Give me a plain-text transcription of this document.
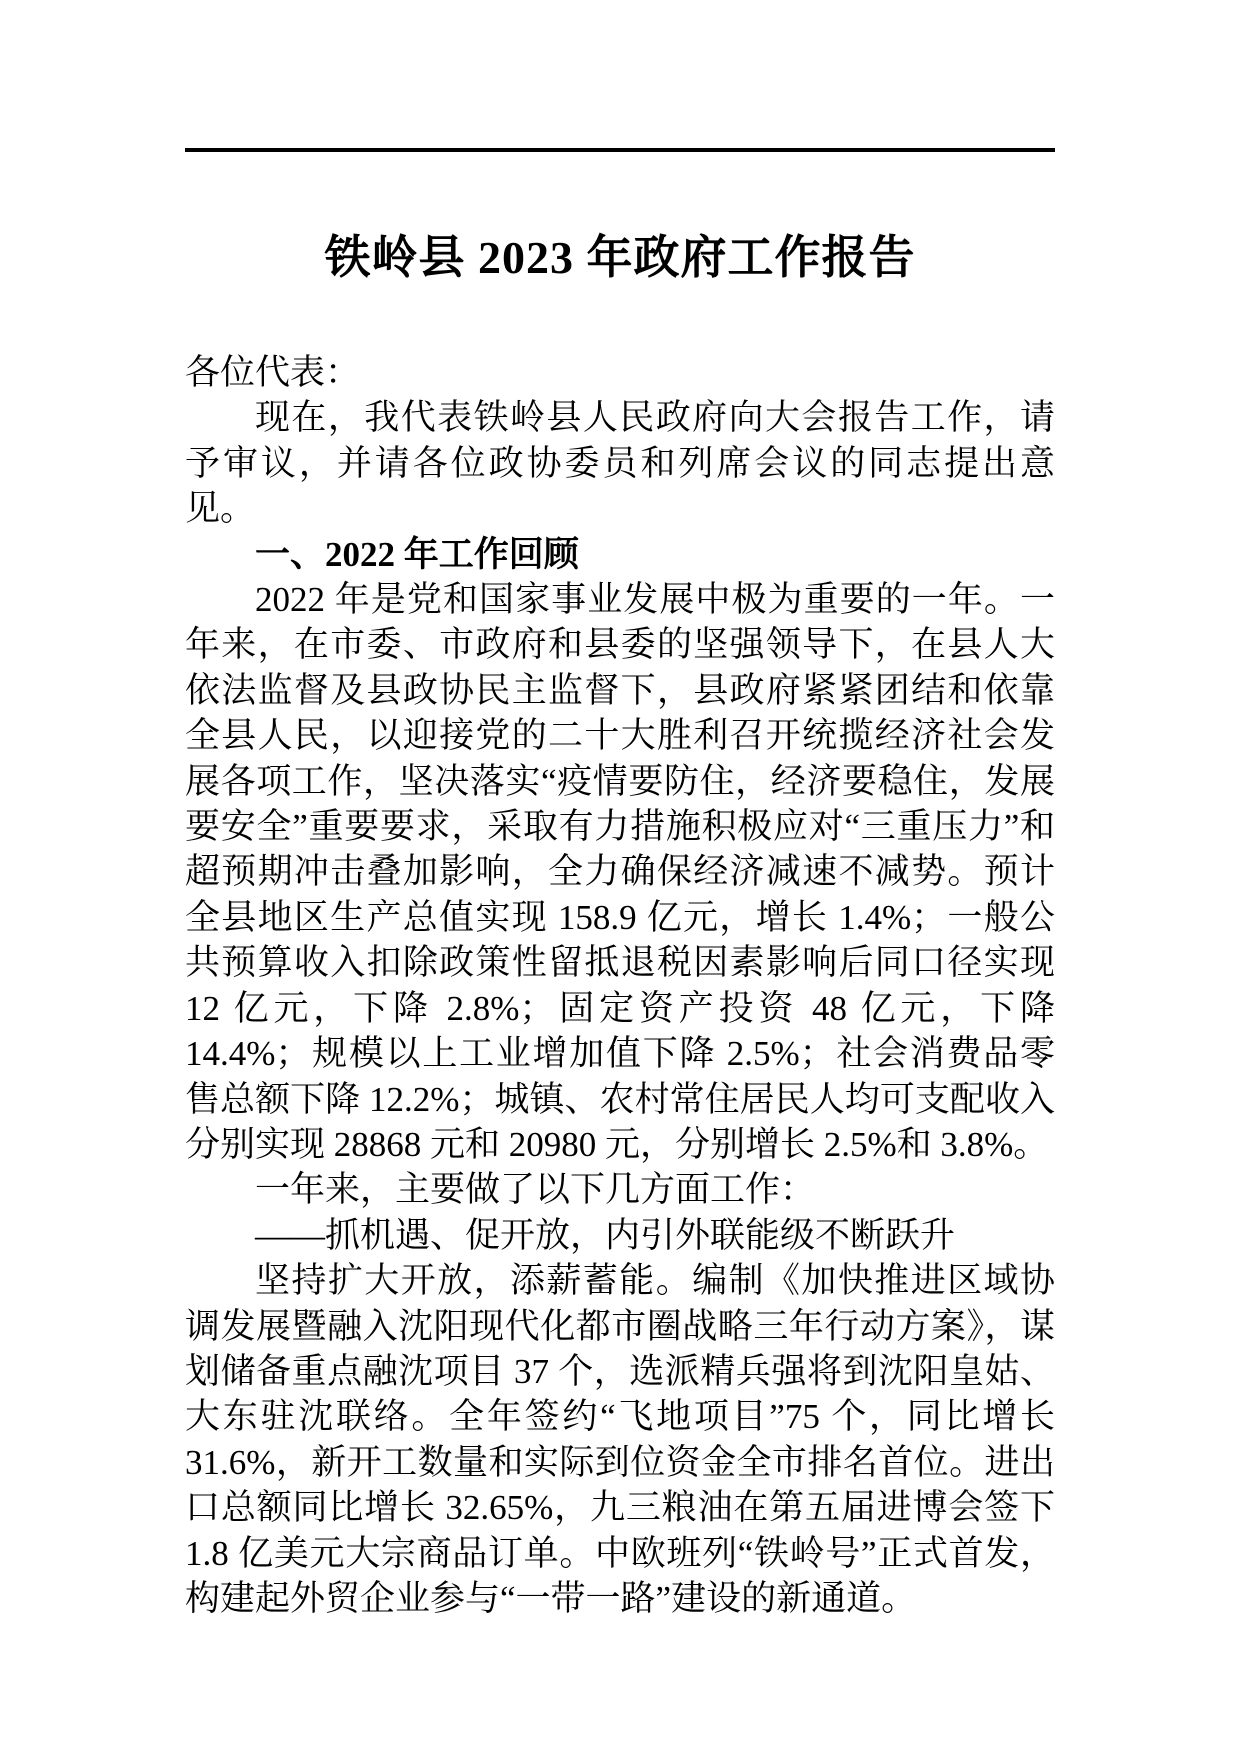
铁岭县 2023 年政府工作报告

各位代表：

现在，我代表铁岭县人民政府向大会报告工作，请予审议，并请各位政协委员和列席会议的同志提出意见。

一、2022 年工作回顾

2022 年是党和国家事业发展中极为重要的一年。一年来，在市委、市政府和县委的坚强领导下，在县人大依法监督及县政协民主监督下，县政府紧紧团结和依靠全县人民，以迎接党的二十大胜利召开统揽经济社会发展各项工作，坚决落实“疫情要防住，经济要稳住，发展要安全”重要要求，采取有力措施积极应对“三重压力”和超预期冲击叠加影响，全力确保经济减速不减势。预计全县地区生产总值实现 158.9 亿元，增长 1.4%；一般公共预算收入扣除政策性留抵退税因素影响后同口径实现 12 亿元，下降 2.8%；固定资产投资 48 亿元，下降 14.4%；规模以上工业增加值下降 2.5%；社会消费品零售总额下降 12.2%；城镇、农村常住居民人均可支配收入分别实现 28868 元和 20980 元，分别增长 2.5%和 3.8%。

一年来，主要做了以下几方面工作：

——抓机遇、促开放，内引外联能级不断跃升

坚持扩大开放，添薪蓄能。编制《加快推进区域协调发展暨融入沈阳现代化都市圈战略三年行动方案》，谋划储备重点融沈项目 37 个，选派精兵强将到沈阳皇姑、大东驻沈联络。全年签约“飞地项目”75 个，同比增长 31.6%，新开工数量和实际到位资金全市排名首位。进出口总额同比增长 32.65%，九三粮油在第五届进博会签下 1.8 亿美元大宗商品订单。中欧班列“铁岭号”正式首发，构建起外贸企业参与“一带一路”建设的新通道。
